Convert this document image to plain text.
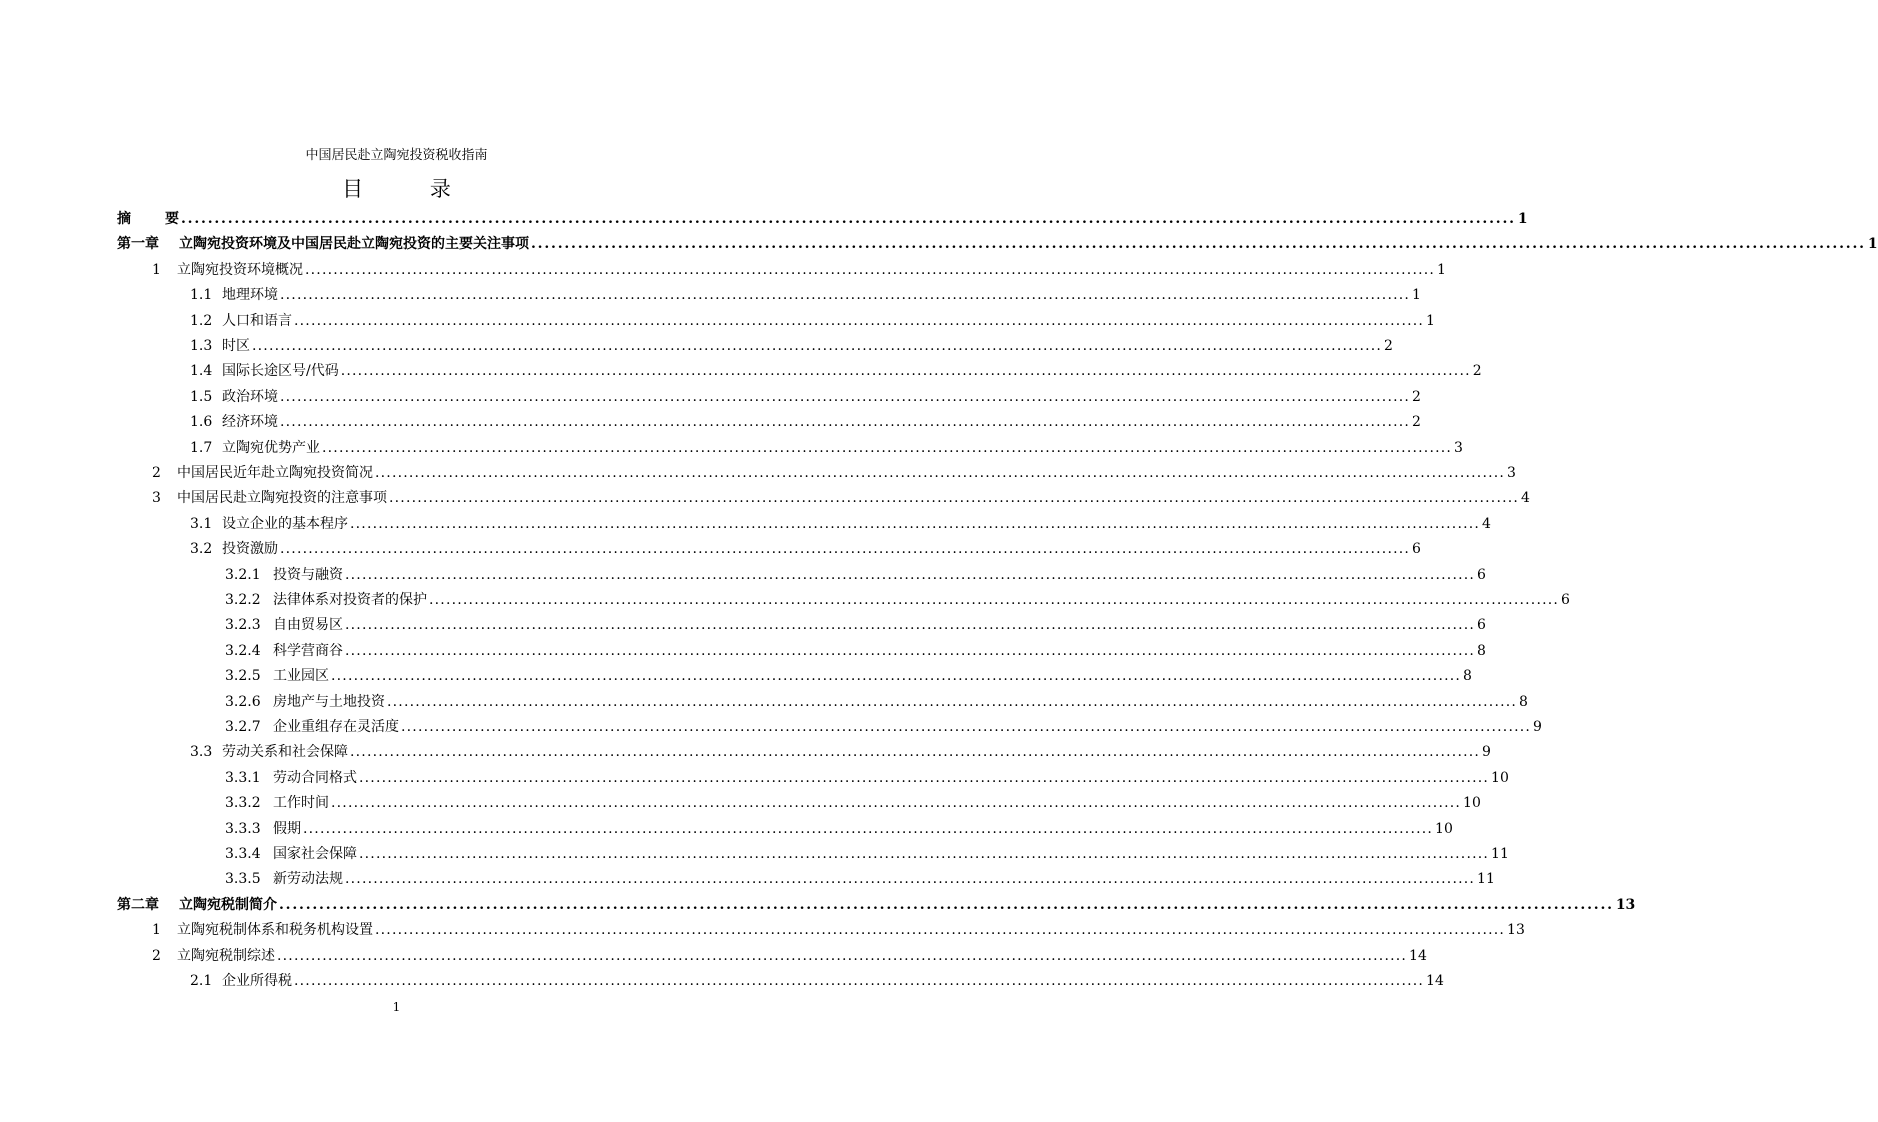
中国居民赴立陶宛投资税收指南
目 录
摘 要 ........................................................................................................................................................................................................ 1
第一章 立陶宛投资环境及中国居民赴立陶宛投资的主要关注事项 ........................................................................................................................................................................................................ 1
1 立陶宛投资环境概况 ........................................................................................................................................................................................................ 1
1.1 地理环境 ........................................................................................................................................................................................................ 1
1.2 人口和语言 ........................................................................................................................................................................................................ 1
1.3 时区 ........................................................................................................................................................................................................ 2
1.4 国际长途区号/代码 ........................................................................................................................................................................................................ 2
1.5 政治环境 ........................................................................................................................................................................................................ 2
1.6 经济环境 ........................................................................................................................................................................................................ 2
1.7 立陶宛优势产业 ........................................................................................................................................................................................................ 3
2 中国居民近年赴立陶宛投资简况 ........................................................................................................................................................................................................ 3
3 中国居民赴立陶宛投资的注意事项 ........................................................................................................................................................................................................ 4
3.1 设立企业的基本程序 ........................................................................................................................................................................................................ 4
3.2 投资激励 ........................................................................................................................................................................................................ 6
3.2.1 投资与融资 ........................................................................................................................................................................................................ 6
3.2.2 法律体系对投资者的保护 ........................................................................................................................................................................................................ 6
3.2.3 自由贸易区 ........................................................................................................................................................................................................ 6
3.2.4 科学营商谷 ........................................................................................................................................................................................................ 8
3.2.5 工业园区 ........................................................................................................................................................................................................ 8
3.2.6 房地产与土地投资 ........................................................................................................................................................................................................ 8
3.2.7 企业重组存在灵活度 ........................................................................................................................................................................................................ 9
3.3 劳动关系和社会保障 ........................................................................................................................................................................................................ 9
3.3.1 劳动合同格式 ........................................................................................................................................................................................................ 10
3.3.2 工作时间 ........................................................................................................................................................................................................ 10
3.3.3 假期 ........................................................................................................................................................................................................ 10
3.3.4 国家社会保障 ........................................................................................................................................................................................................ 11
3.3.5 新劳动法规 ........................................................................................................................................................................................................ 11
第二章 立陶宛税制简介 ........................................................................................................................................................................................................ 13
1 立陶宛税制体系和税务机构设置 ........................................................................................................................................................................................................ 13
2 立陶宛税制综述 ........................................................................................................................................................................................................ 14
2.1 企业所得税 ........................................................................................................................................................................................................ 14
1
